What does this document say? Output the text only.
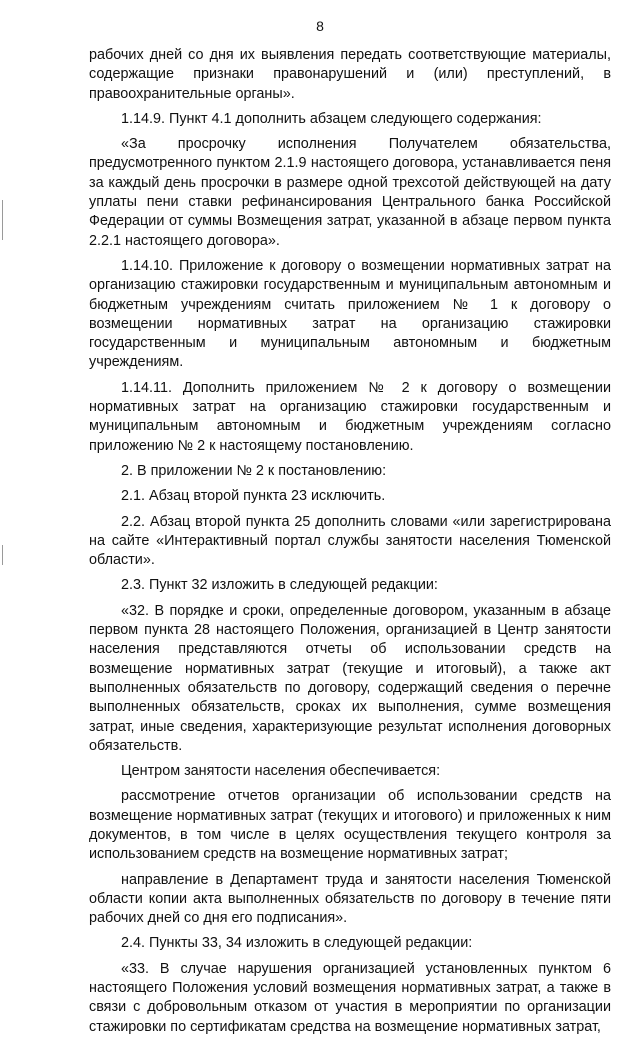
8

рабочих дней со дня их выявления передать соответствующие материалы, содержащие признаки правонарушений и (или) преступлений, в правоохранительные органы».

1.14.9. Пункт 4.1 дополнить абзацем следующего содержания:

«За просрочку исполнения Получателем обязательства, предусмотренного пунктом 2.1.9 настоящего договора, устанавливается пеня за каждый день просрочки в размере одной трехсотой действующей на дату уплаты пени ставки рефинансирования Центрального банка Российской Федерации от суммы Возмещения затрат, указанной в абзаце первом пункта 2.2.1 настоящего договора».

1.14.10. Приложение к договору о возмещении нормативных затрат на организацию стажировки государственным и муниципальным автономным и бюджетным учреждениям считать приложением № 1 к договору о возмещении нормативных затрат на организацию стажировки государственным и муниципальным автономным и бюджетным учреждениям.

1.14.11. Дополнить приложением № 2 к договору о возмещении нормативных затрат на организацию стажировки государственным и муниципальным автономным и бюджетным учреждениям согласно приложению № 2 к настоящему постановлению.

2. В приложении № 2 к постановлению:

2.1. Абзац второй пункта 23 исключить.

2.2. Абзац второй пункта 25 дополнить словами «или зарегистрирована на сайте «Интерактивный портал службы занятости населения Тюменской области».

2.3. Пункт 32 изложить в следующей редакции:

«32. В порядке и сроки, определенные договором, указанным в абзаце первом пункта 28 настоящего Положения, организацией в Центр занятости населения представляются отчеты об использовании средств на возмещение нормативных затрат (текущие и итоговый), а также акт выполненных обязательств по договору, содержащий сведения о перечне выполненных обязательств, сроках их выполнения, сумме возмещения затрат, иные сведения, характеризующие результат исполнения договорных обязательств.

Центром занятости населения обеспечивается:

рассмотрение отчетов организации об использовании средств на возмещение нормативных затрат (текущих и итогового) и приложенных к ним документов, в том числе в целях осуществления текущего контроля за использованием средств на возмещение нормативных затрат;

направление в Департамент труда и занятости населения Тюменской области копии акта выполненных обязательств по договору в течение пяти рабочих дней со дня его подписания».

2.4. Пункты 33, 34 изложить в следующей редакции:

«33. В случае нарушения организацией установленных пунктом 6 настоящего Положения условий возмещения нормативных затрат, а также в связи с добровольным отказом от участия в мероприятии по организации стажировки по сертификатам средства на возмещение нормативных затрат,
